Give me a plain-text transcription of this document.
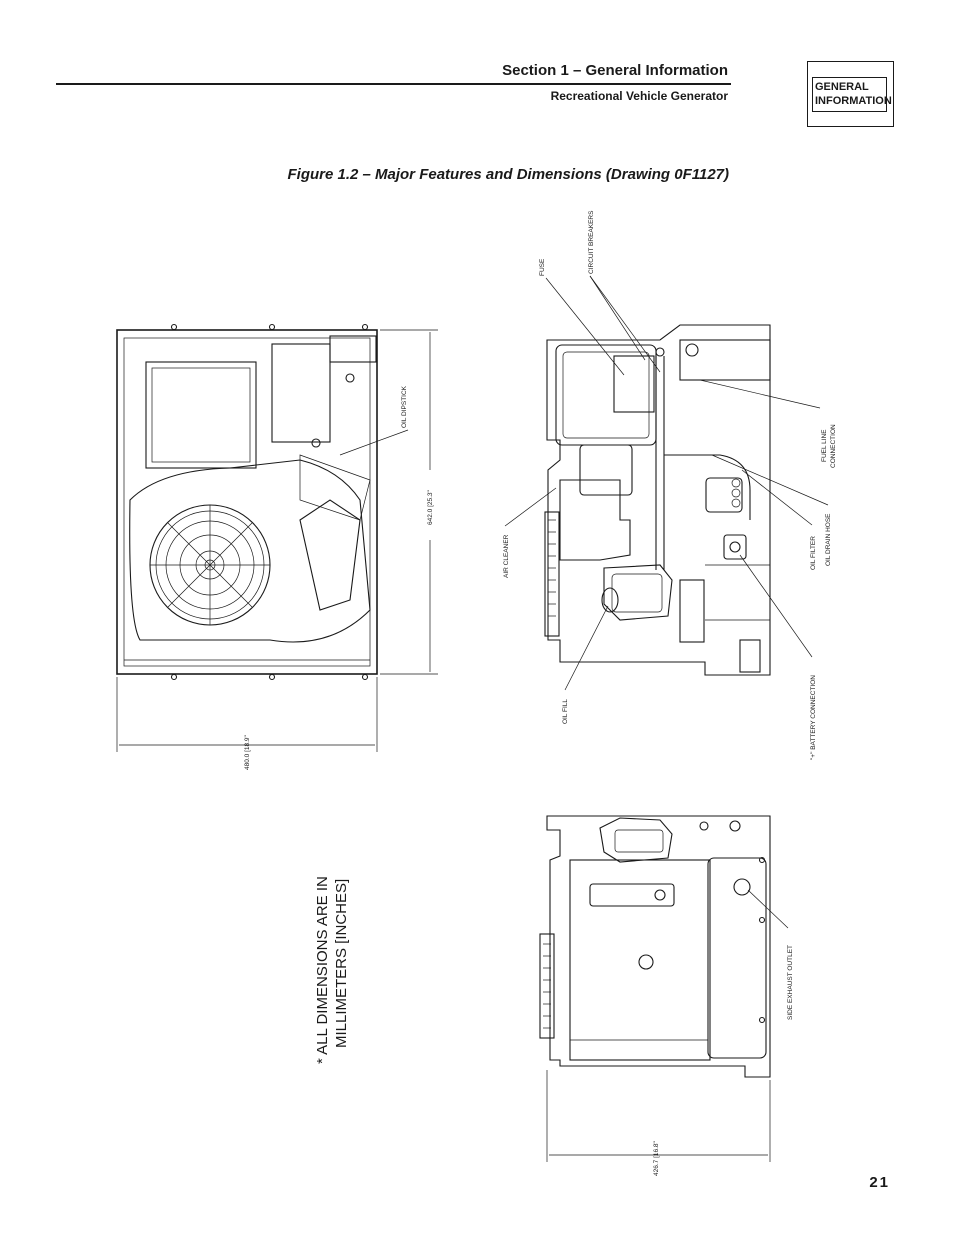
Section 1 – General Information
Recreational Vehicle Generator
GENERAL
INFORMATION
Figure 1.2 – Major Features and Dimensions (Drawing 0F1127)
642.0 [25.3"
OIL DIPSTICK
480.0 [18.9"
FUSE	CIRCUIT BREAKERS
FUEL LINE CONNECTION
OIL FILTER OIL DRAIN HOSE
AIR CLEANER
OIL FILL	"+" BATTERY CONNECTION
SIDE EXHAUST OUTLET
426.7 [16.8"
* ALL DIMENSIONS ARE IN MILLIMETERS [INCHES]
21
